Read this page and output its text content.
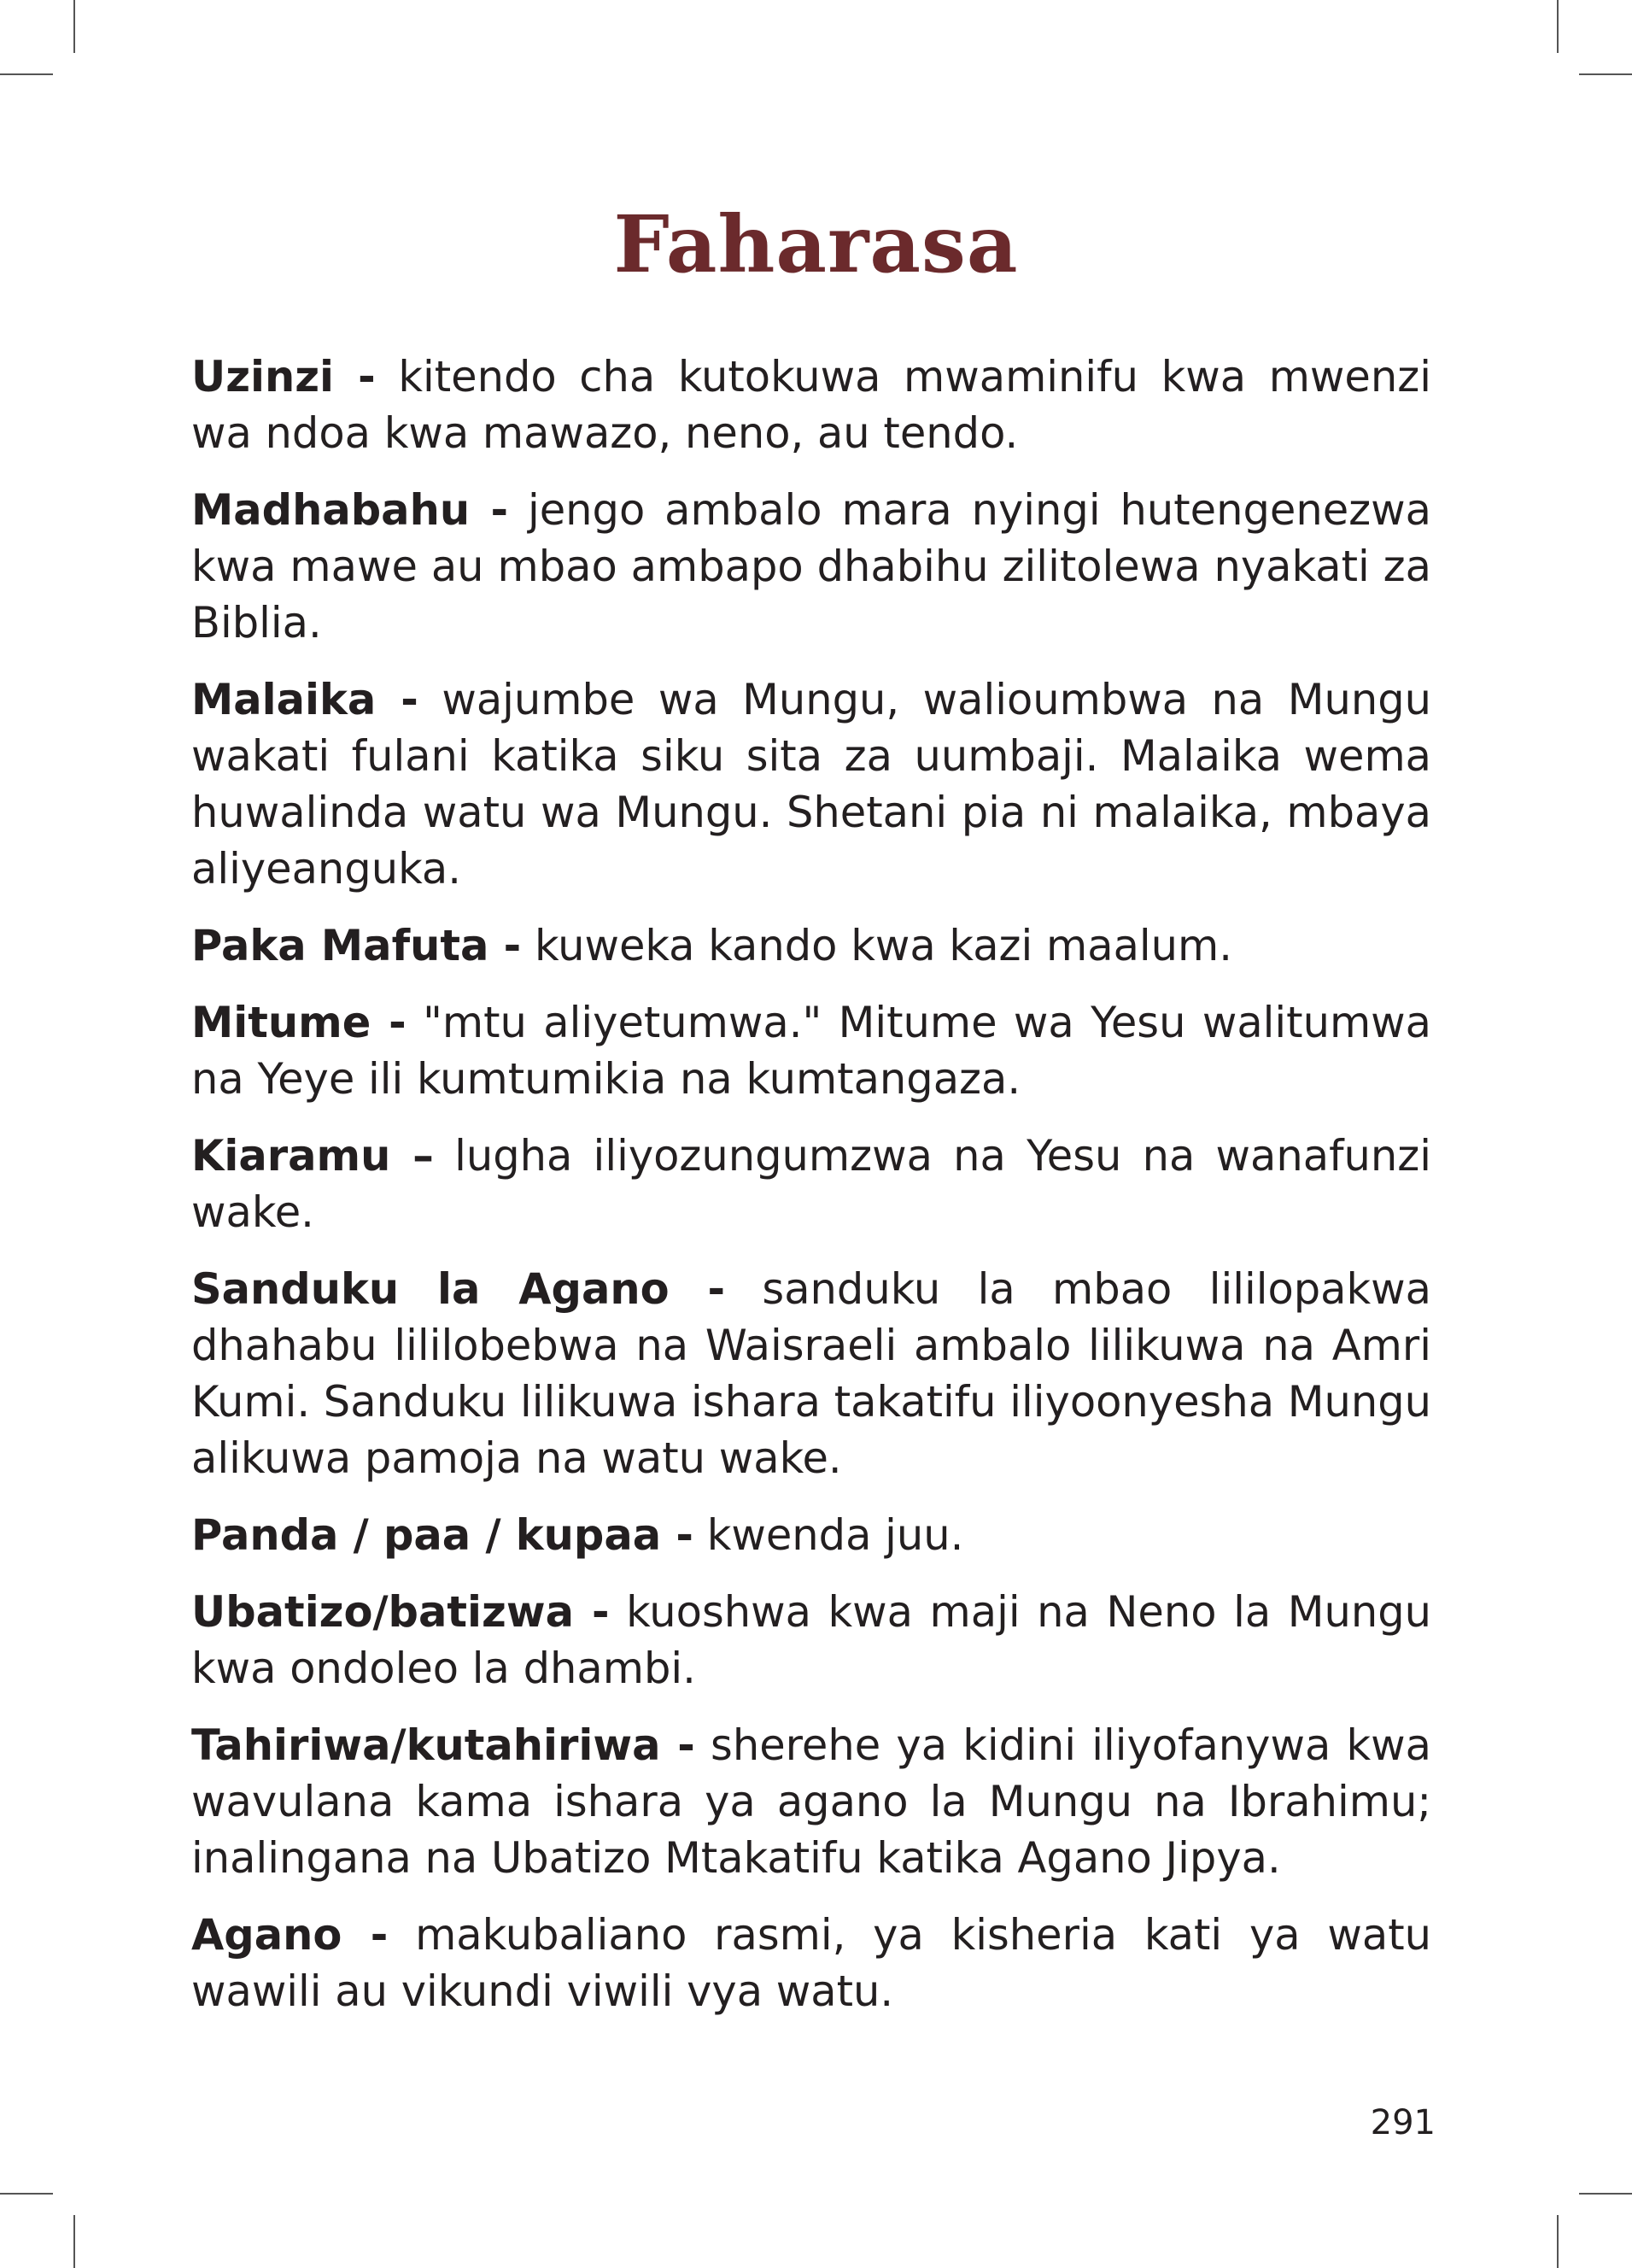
Faharasa

Uzinzi - kitendo cha kutokuwa mwaminifu kwa mwenzi wa ndoa kwa mawazo, neno, au tendo.

Madhabahu - jengo ambalo mara nyingi hutengenezwa kwa mawe au mbao ambapo dhabihu zilitolewa nyakati za Biblia.

Malaika - wajumbe wa Mungu, walioumbwa na Mungu wakati fulani katika siku sita za uumbaji. Malaika wema huwalinda watu wa Mungu. Shetani pia ni malaika, mbaya aliyeanguka.

Paka Mafuta - kuweka kando kwa kazi maalum.

Mitume - "mtu aliyetumwa." Mitume wa Yesu walitumwa na Yeye ili kumtumikia na kumtangaza.

Kiaramu – lugha iliyozungumzwa na Yesu na wanafunzi wake.

Sanduku la Agano - sanduku la mbao lililopakwa dhahabu lililobebwa na Waisraeli ambalo lilikuwa na Amri Kumi. Sanduku lilikuwa ishara takatifu iliyoonyesha Mungu alikuwa pamoja na watu wake.

Panda / paa / kupaa - kwenda juu.

Ubatizo/batizwa - kuoshwa kwa maji na Neno la Mungu kwa ondoleo la dhambi.

Tahiriwa/kutahiriwa - sherehe ya kidini iliyofanywa kwa wavulana kama ishara ya agano la Mungu na Ibrahimu; inalingana na Ubatizo Mtakatifu katika Agano Jipya.

Agano - makubaliano rasmi, ya kisheria kati ya watu wawili au vikundi viwili vya watu.

291
